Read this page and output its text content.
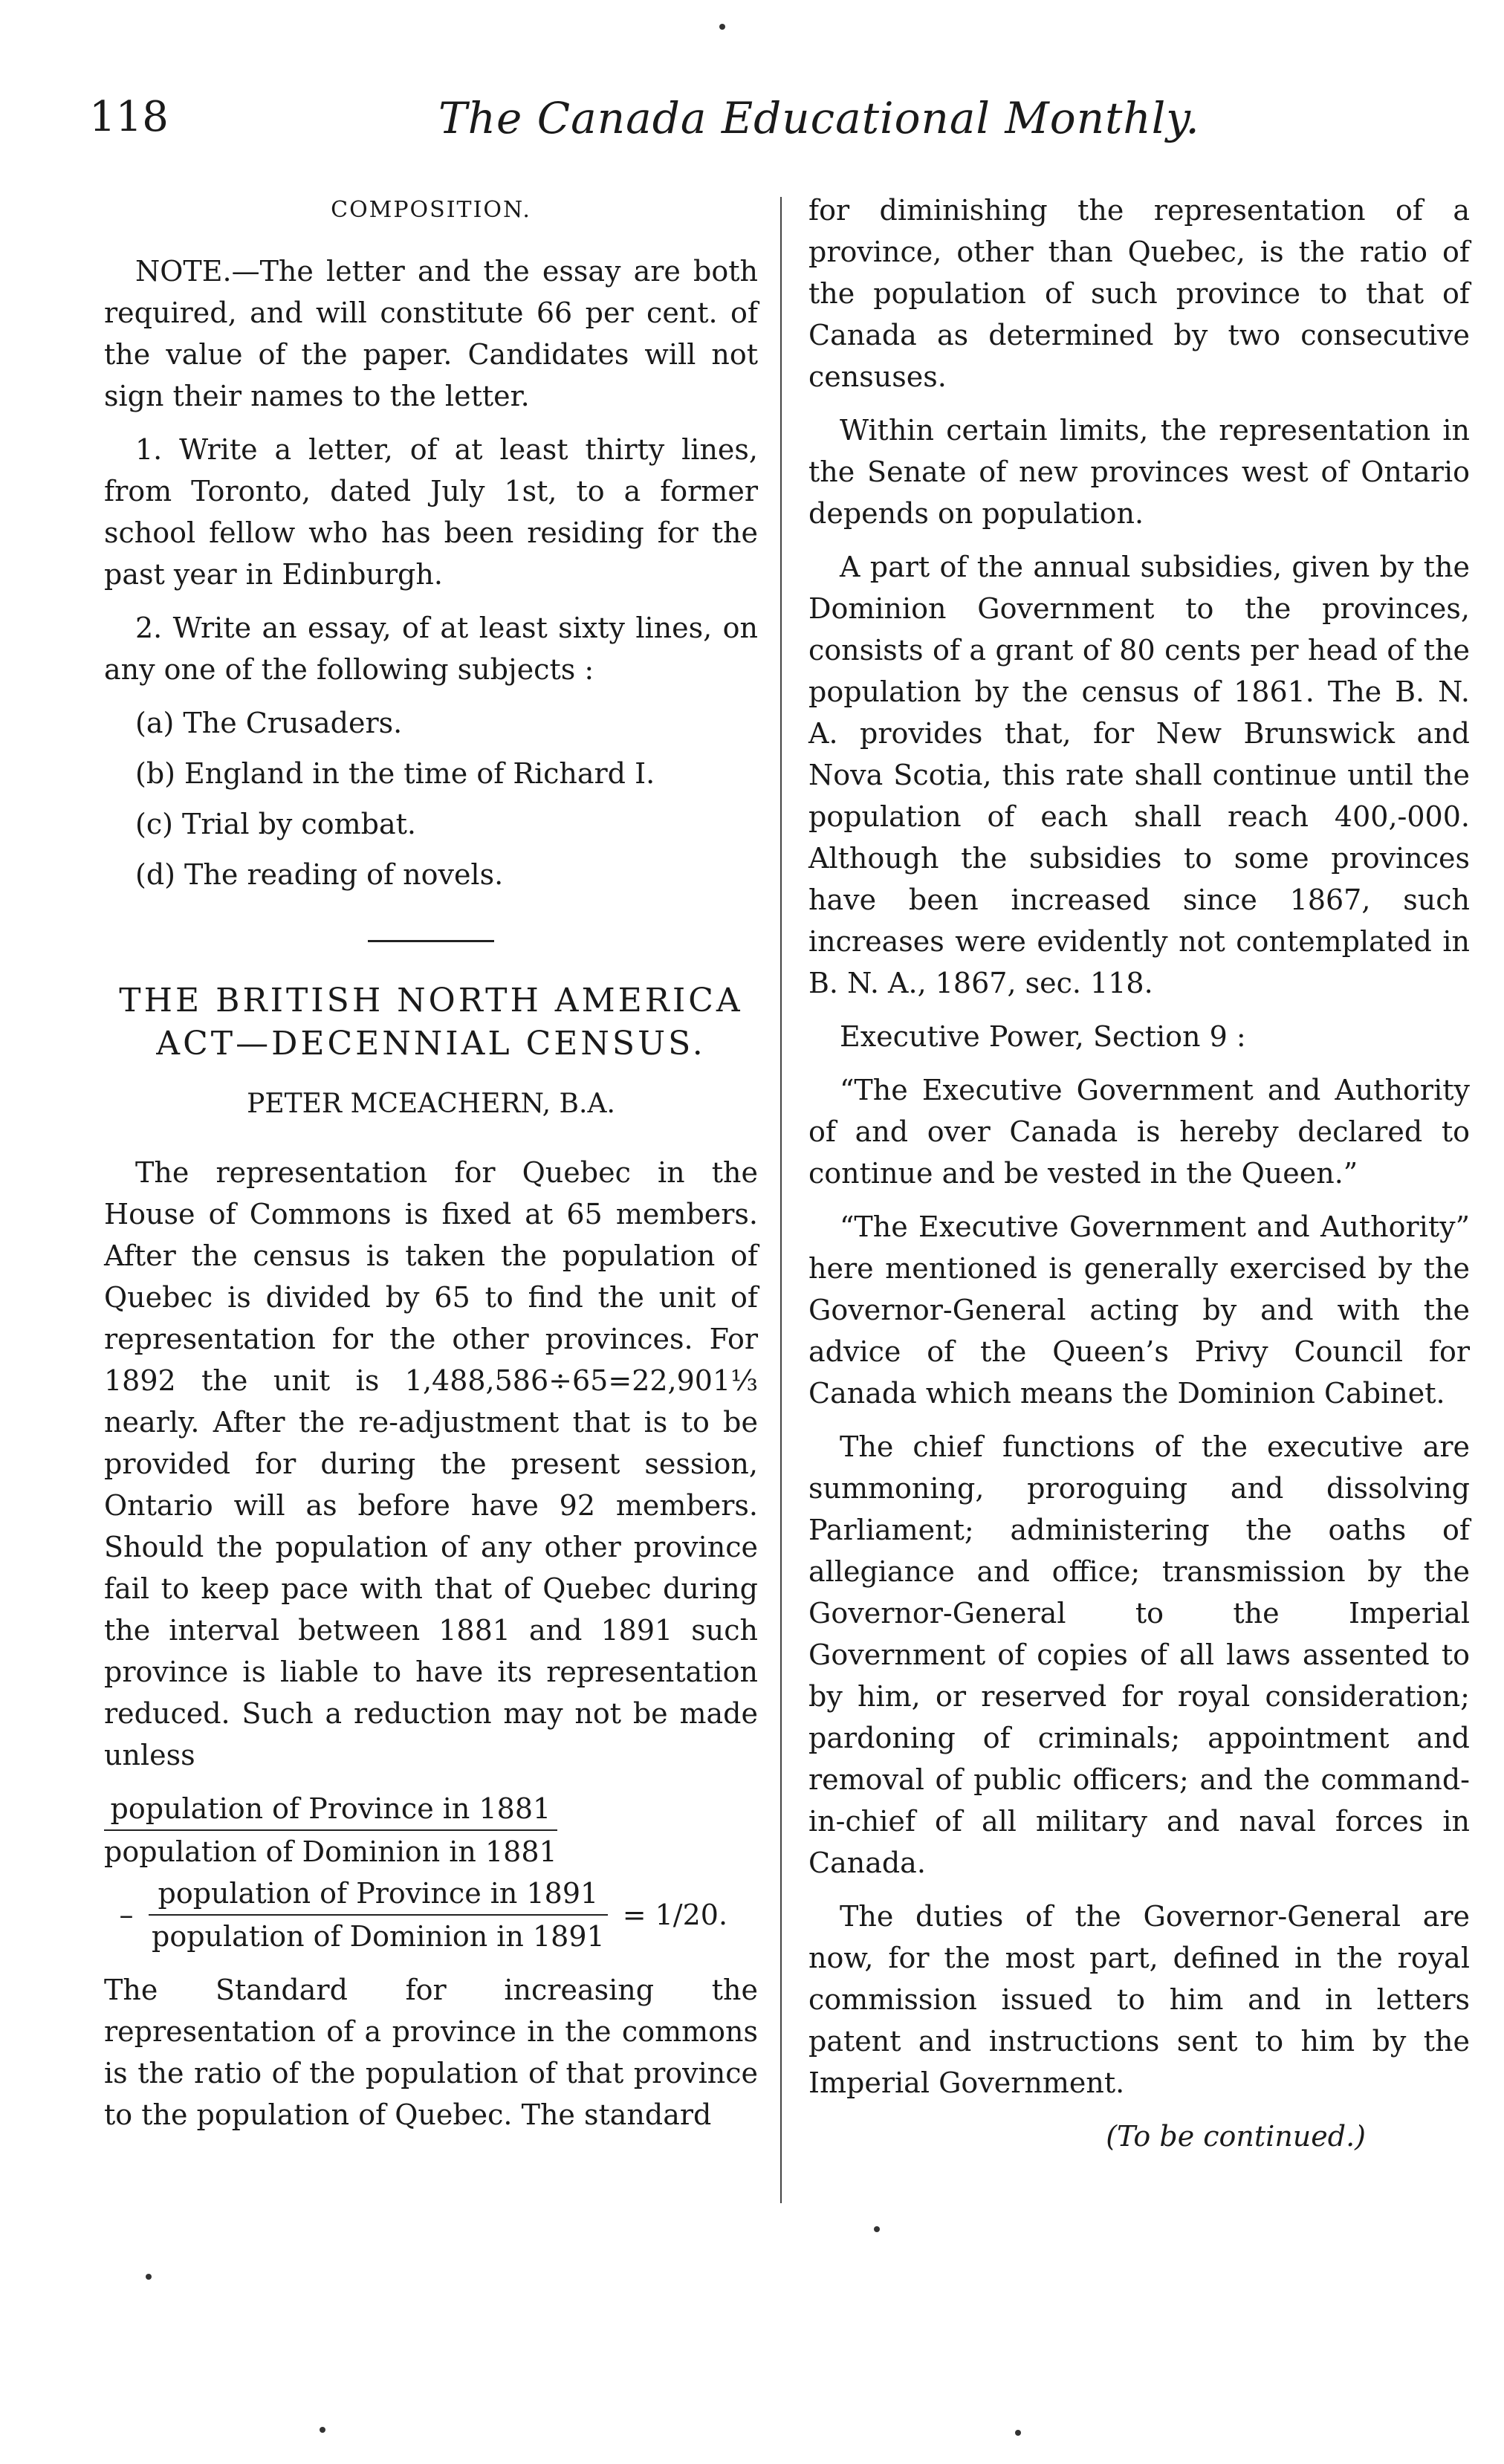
118	The Canada Educational Monthly.
COMPOSITION.

NOTE.—The letter and the essay are both required, and will constitute 66 per cent. of the value of the paper. Candidates will not sign their names to the letter.

1. Write a letter, of at least thirty lines, from Toronto, dated July 1st, to a former school fellow who has been residing for the past year in Edinburgh.

2. Write an essay, of at least sixty lines, on any one of the following subjects :

(a) The Crusaders.
(b) England in the time of Richard I.
(c) Trial by combat.
(d) The reading of novels.
THE BRITISH NORTH AMERICA ACT—DECENNIAL CENSUS.
PETER MCEACHERN, B.A.

The representation for Quebec in the House of Commons is fixed at 65 members. After the census is taken the population of Quebec is divided by 65 to find the unit of representation for the other provinces. For 1892 the unit is 1,488,586÷65=22,901⅓ nearly. After the re-adjustment that is to be provided for during the present session, Ontario will as before have 92 members. Should the population of any other province fail to keep pace with that of Quebec during the interval between 1881 and 1891 such province is liable to have its representation reduced. Such a reduction may not be made unless

$\frac{\text{population of Province in 1881}}{\text{population of Dominion in 1881}}$
– $\frac{\text{population of Province in 1891}}{\text{population of Dominion in 1891}} = 1/20$.

The Standard for increasing the representation of a province in the commons is the ratio of the population of that province to the population of Quebec. The standard

for diminishing the representation of a province, other than Quebec, is the ratio of the population of such province to that of Canada as determined by two consecutive censuses.

Within certain limits, the representation in the Senate of new provinces west of Ontario depends on population.

A part of the annual subsidies, given by the Dominion Government to the provinces, consists of a grant of 80 cents per head of the population by the census of 1861. The B. N. A. provides that, for New Brunswick and Nova Scotia, this rate shall continue until the population of each shall reach 400,-000. Although the subsidies to some provinces have been increased since 1867, such increases were evidently not contemplated in B. N. A., 1867, sec. 118.

Executive Power, Section 9 :

“The Executive Government and Authority of and over Canada is hereby declared to continue and be vested in the Queen.”

“The Executive Government and Authority” here mentioned is generally exercised by the Governor-General acting by and with the advice of the Queen’s Privy Council for Canada which means the Dominion Cabinet.

The chief functions of the executive are summoning, proroguing and dissolving Parliament; administering the oaths of allegiance and office; transmission by the Governor-General to the Imperial Government of copies of all laws assented to by him, or reserved for royal consideration; pardoning of criminals; appointment and removal of public officers; and the command-in-chief of all military and naval forces in Canada.

The duties of the Governor-General are now, for the most part, defined in the royal commission issued to him and in letters patent and instructions sent to him by the Imperial Government.

(To be continued.)
